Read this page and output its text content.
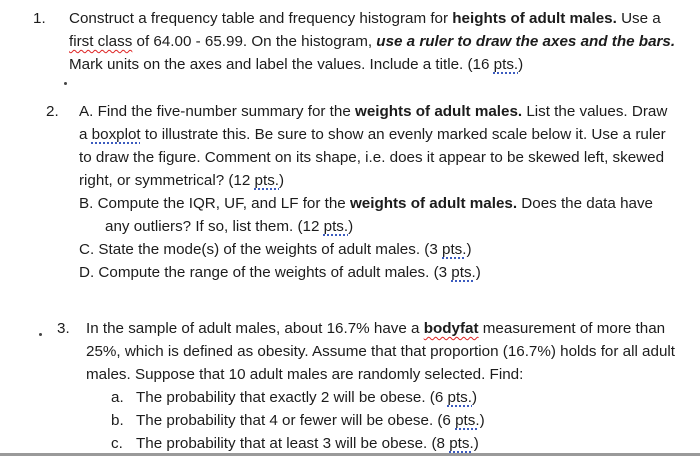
1. Construct a frequency table and frequency histogram for heights of adult males. Use a
first class of 64.00 - 65.99. On the histogram, use a ruler to draw the axes and the bars.
Mark units on the axes and label the values. Include a title. (16 pts.)
2. A. Find the five-number summary for the weights of adult males. List the values. Draw
a boxplot to illustrate this. Be sure to show an evenly marked scale below it. Use a ruler
to draw the figure. Comment on its shape, i.e. does it appear to be skewed left, skewed
right, or symmetrical? (12 pts.)
B. Compute the IQR, UF, and LF for the weights of adult males. Does the data have
any outliers? If so, list them. (12 pts.)
C. State the mode(s) of the weights of adult males. (3 pts.)
D. Compute the range of the weights of adult males. (3 pts.)
3. In the sample of adult males, about 16.7% have a bodyfat measurement of more than
25%, which is defined as obesity. Assume that that proportion (16.7%) holds for all adult
males. Suppose that 10 adult males are randomly selected. Find:
a. The probability that exactly 2 will be obese. (6 pts.)
b. The probability that 4 or fewer will be obese. (6 pts.)
c. The probability that at least 3 will be obese. (8 pts.)
